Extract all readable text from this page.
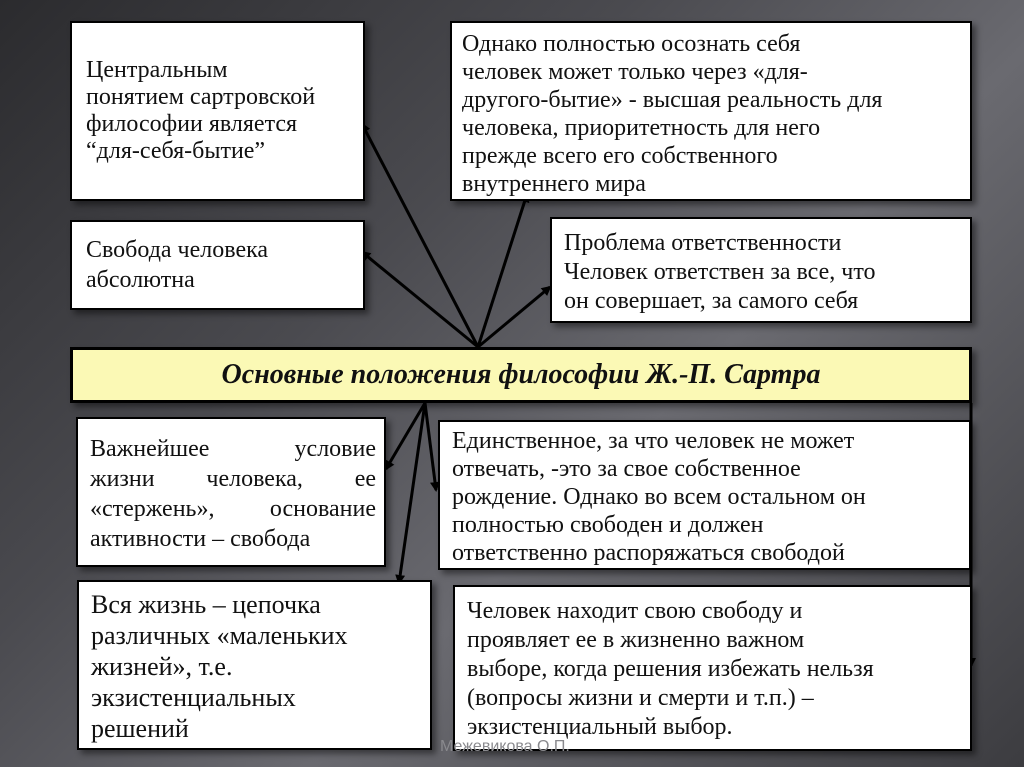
Центральным
понятием сартровской
философии является
“для-себя-бытие”
Однако полностью осознать себя
человек может только через «для-
другого-бытие» - высшая реальность для
человека, приоритетность для него
прежде всего его собственного
внутреннего мира
Свобода человека
абсолютна
Проблема ответственности
Человек ответствен за все, что
он совершает, за самого себя
Основные положения философии Ж.-П. Сартра
Важнейшее условие
жизни человека, ее
«стержень», основание
активности – свобода
Единственное, за что человек не может
отвечать, -это за свое собственное
рождение. Однако во всем остальном он
полностью свободен и должен
ответственно распоряжаться свободой
Вся жизнь – цепочка
различных «маленьких
жизней», т.е.
экзистенциальных
решений
Человек находит свою свободу и
проявляет ее в жизненно важном
выборе, когда решения избежать нельзя
(вопросы жизни и смерти и т.п.) –
экзистенциальный выбор.
Межевикова О.П.
